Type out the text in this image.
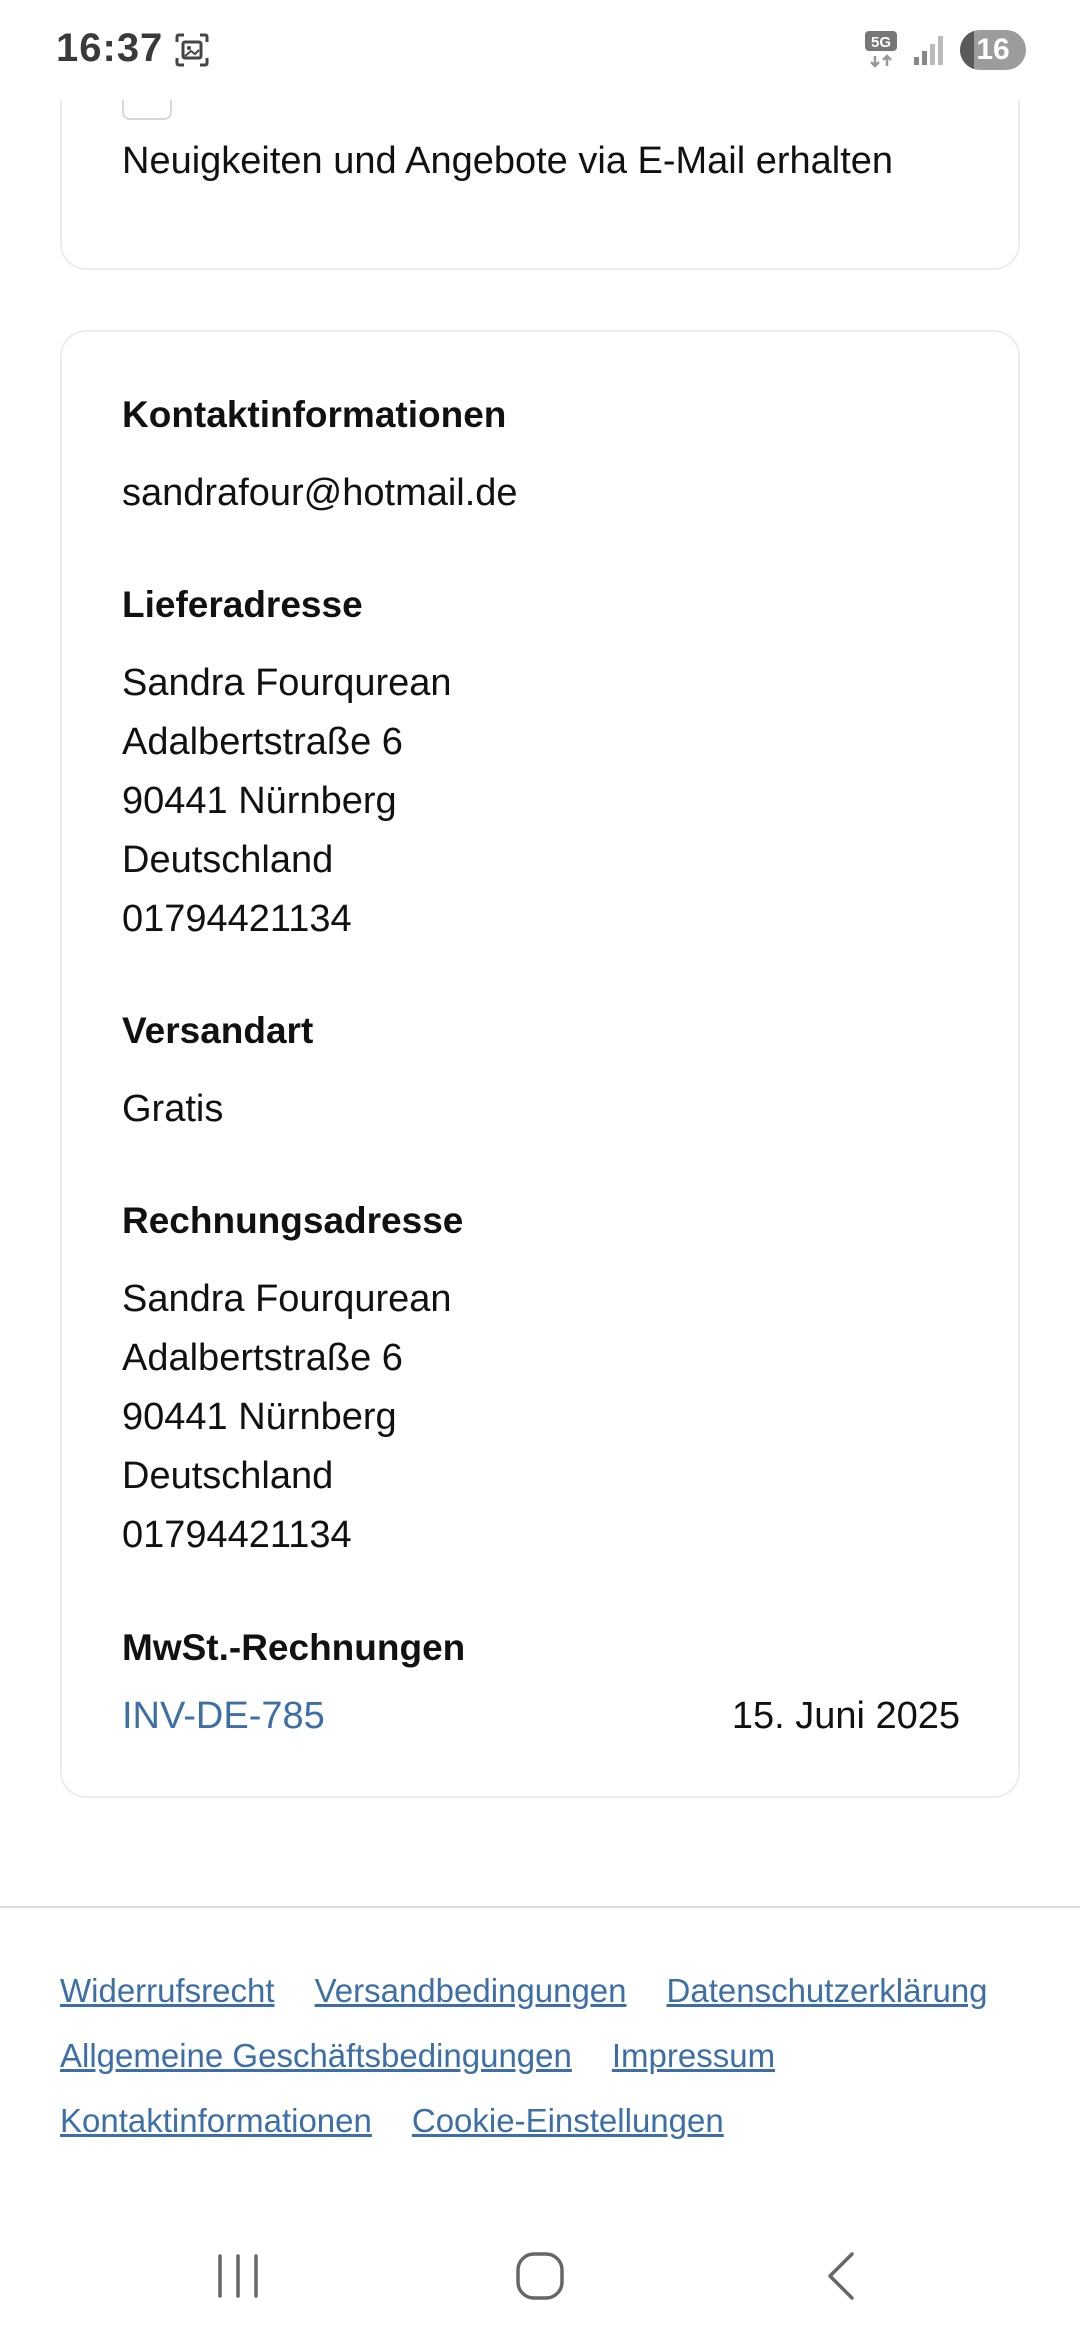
16:37	5G	16
Neuigkeiten und Angebote via E-Mail erhalten
Kontaktinformationen
sandrafour@hotmail.de
Lieferadresse
Sandra Fourqurean
Adalbertstraße 6
90441 Nürnberg
Deutschland
01794421134
Versandart
Gratis
Rechnungsadresse
Sandra Fourqurean
Adalbertstraße 6
90441 Nürnberg
Deutschland
01794421134
MwSt.-Rechnungen
INV-DE-785	15. Juni 2025
Widerrufsrecht Versandbedingungen Datenschutzerklärung
Allgemeine Geschäftsbedingungen Impressum
Kontaktinformationen Cookie-Einstellungen
